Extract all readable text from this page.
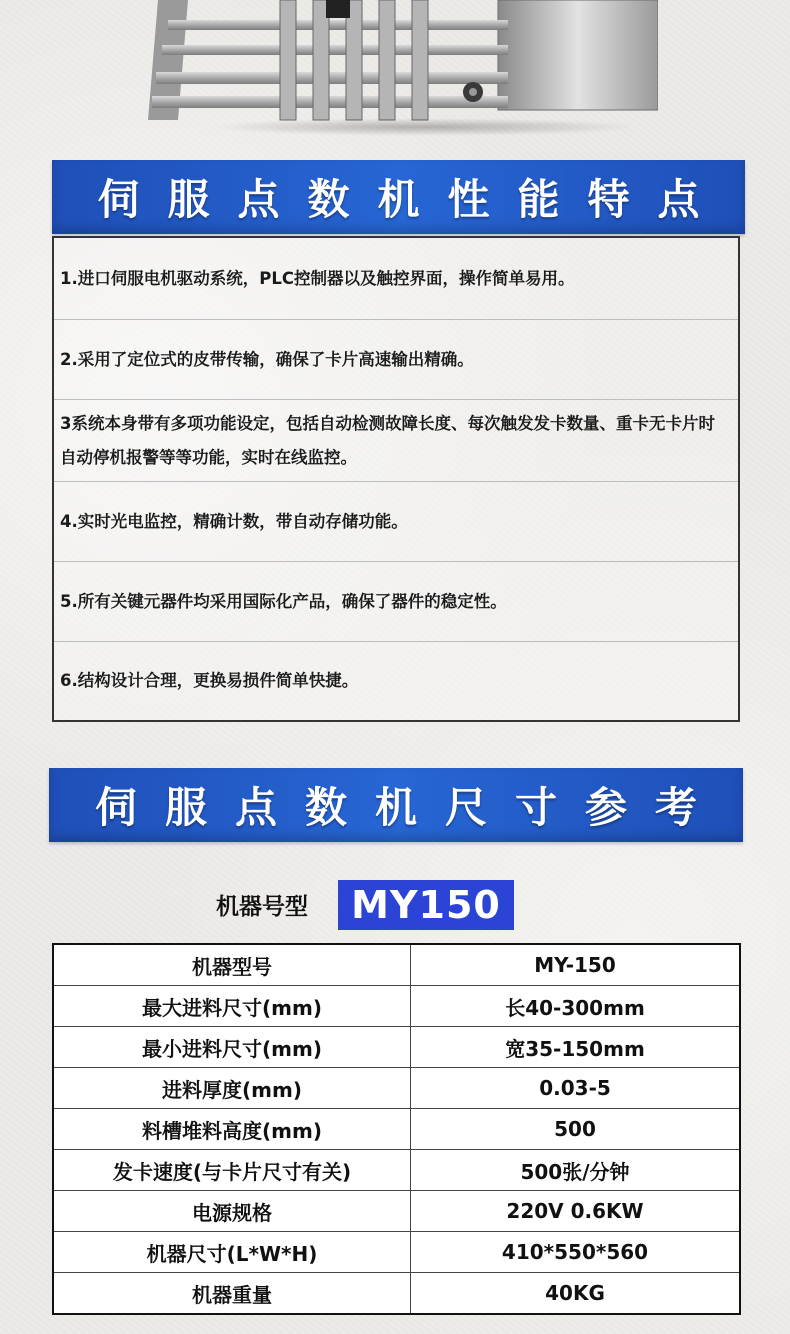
伺服点数机性能特点
1.进口伺服电机驱动系统，PLC控制器以及触控界面，操作简单易用。
2.采用了定位式的皮带传输，确保了卡片高速输出精确。
3系统本身带有多项功能设定，包括自动检测故障长度、每次触发发卡数量、重卡无卡片时自动停机报警等等功能，实时在线监控。
4.实时光电监控，精确计数，带自动存储功能。
5.所有关键元器件均采用国际化产品，确保了器件的稳定性。
6.结构设计合理，更换易损件简单快捷。
伺服点数机尺寸参考
机器号型	MY150
机器型号	MY-150
最大进料尺寸(mm)	长40-300mm
最小进料尺寸(mm)	宽35-150mm
进料厚度(mm)	0.03-5
料槽堆料高度(mm)	500
发卡速度(与卡片尺寸有关)	500张/分钟
电源规格	220V 0.6KW
机器尺寸(L*W*H)	410*550*560
机器重量	40KG
